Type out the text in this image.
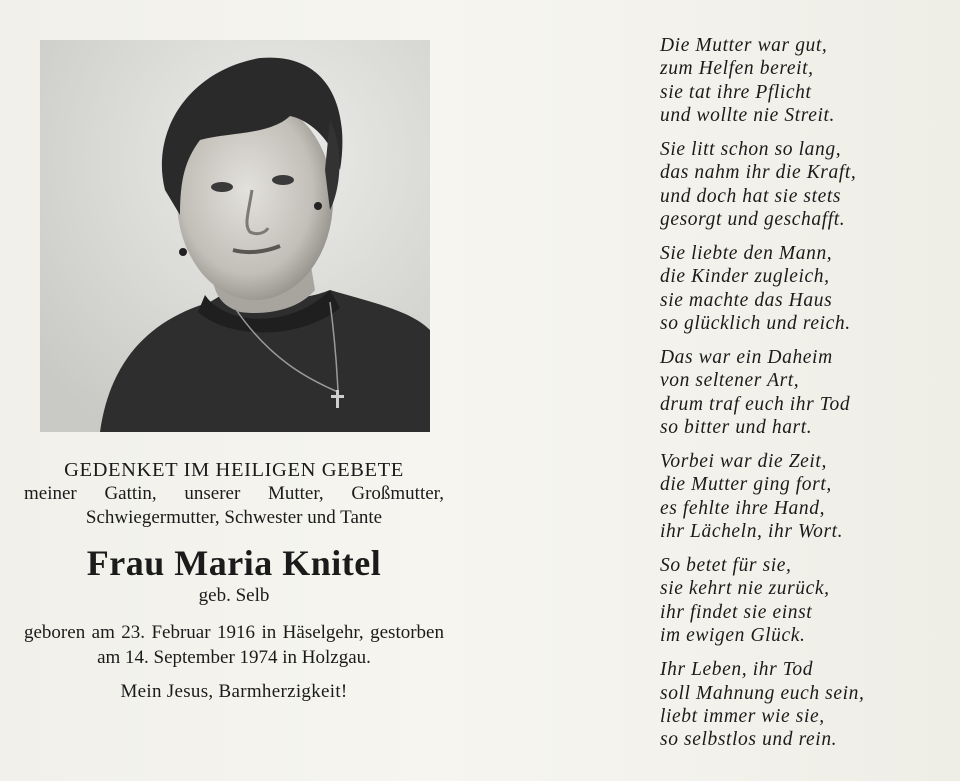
GEDENKET IM HEILIGEN GEBETE

meiner Gattin, unserer Mutter, Großmutter, Schwiegermutter, Schwester und Tante

Frau Maria Knitel

geb. Selb

geboren am 23. Februar 1916 in Häselgehr, gestorben am 14. September 1974 in Holzgau.

Mein Jesus, Barmherzigkeit!

Die Mutter war gut,
zum Helfen bereit,
sie tat ihre Pflicht
und wollte nie Streit.
Sie litt schon so lang,
das nahm ihr die Kraft,
und doch hat sie stets
gesorgt und geschafft.
Sie liebte den Mann,
die Kinder zugleich,
sie machte das Haus
so glücklich und reich.
Das war ein Daheim
von seltener Art,
drum traf euch ihr Tod
so bitter und hart.
Vorbei war die Zeit,
die Mutter ging fort,
es fehlte ihre Hand,
ihr Lächeln, ihr Wort.
So betet für sie,
sie kehrt nie zurück,
ihr findet sie einst
im ewigen Glück.
Ihr Leben, ihr Tod
soll Mahnung euch sein,
liebt immer wie sie,
so selbstlos und rein.
